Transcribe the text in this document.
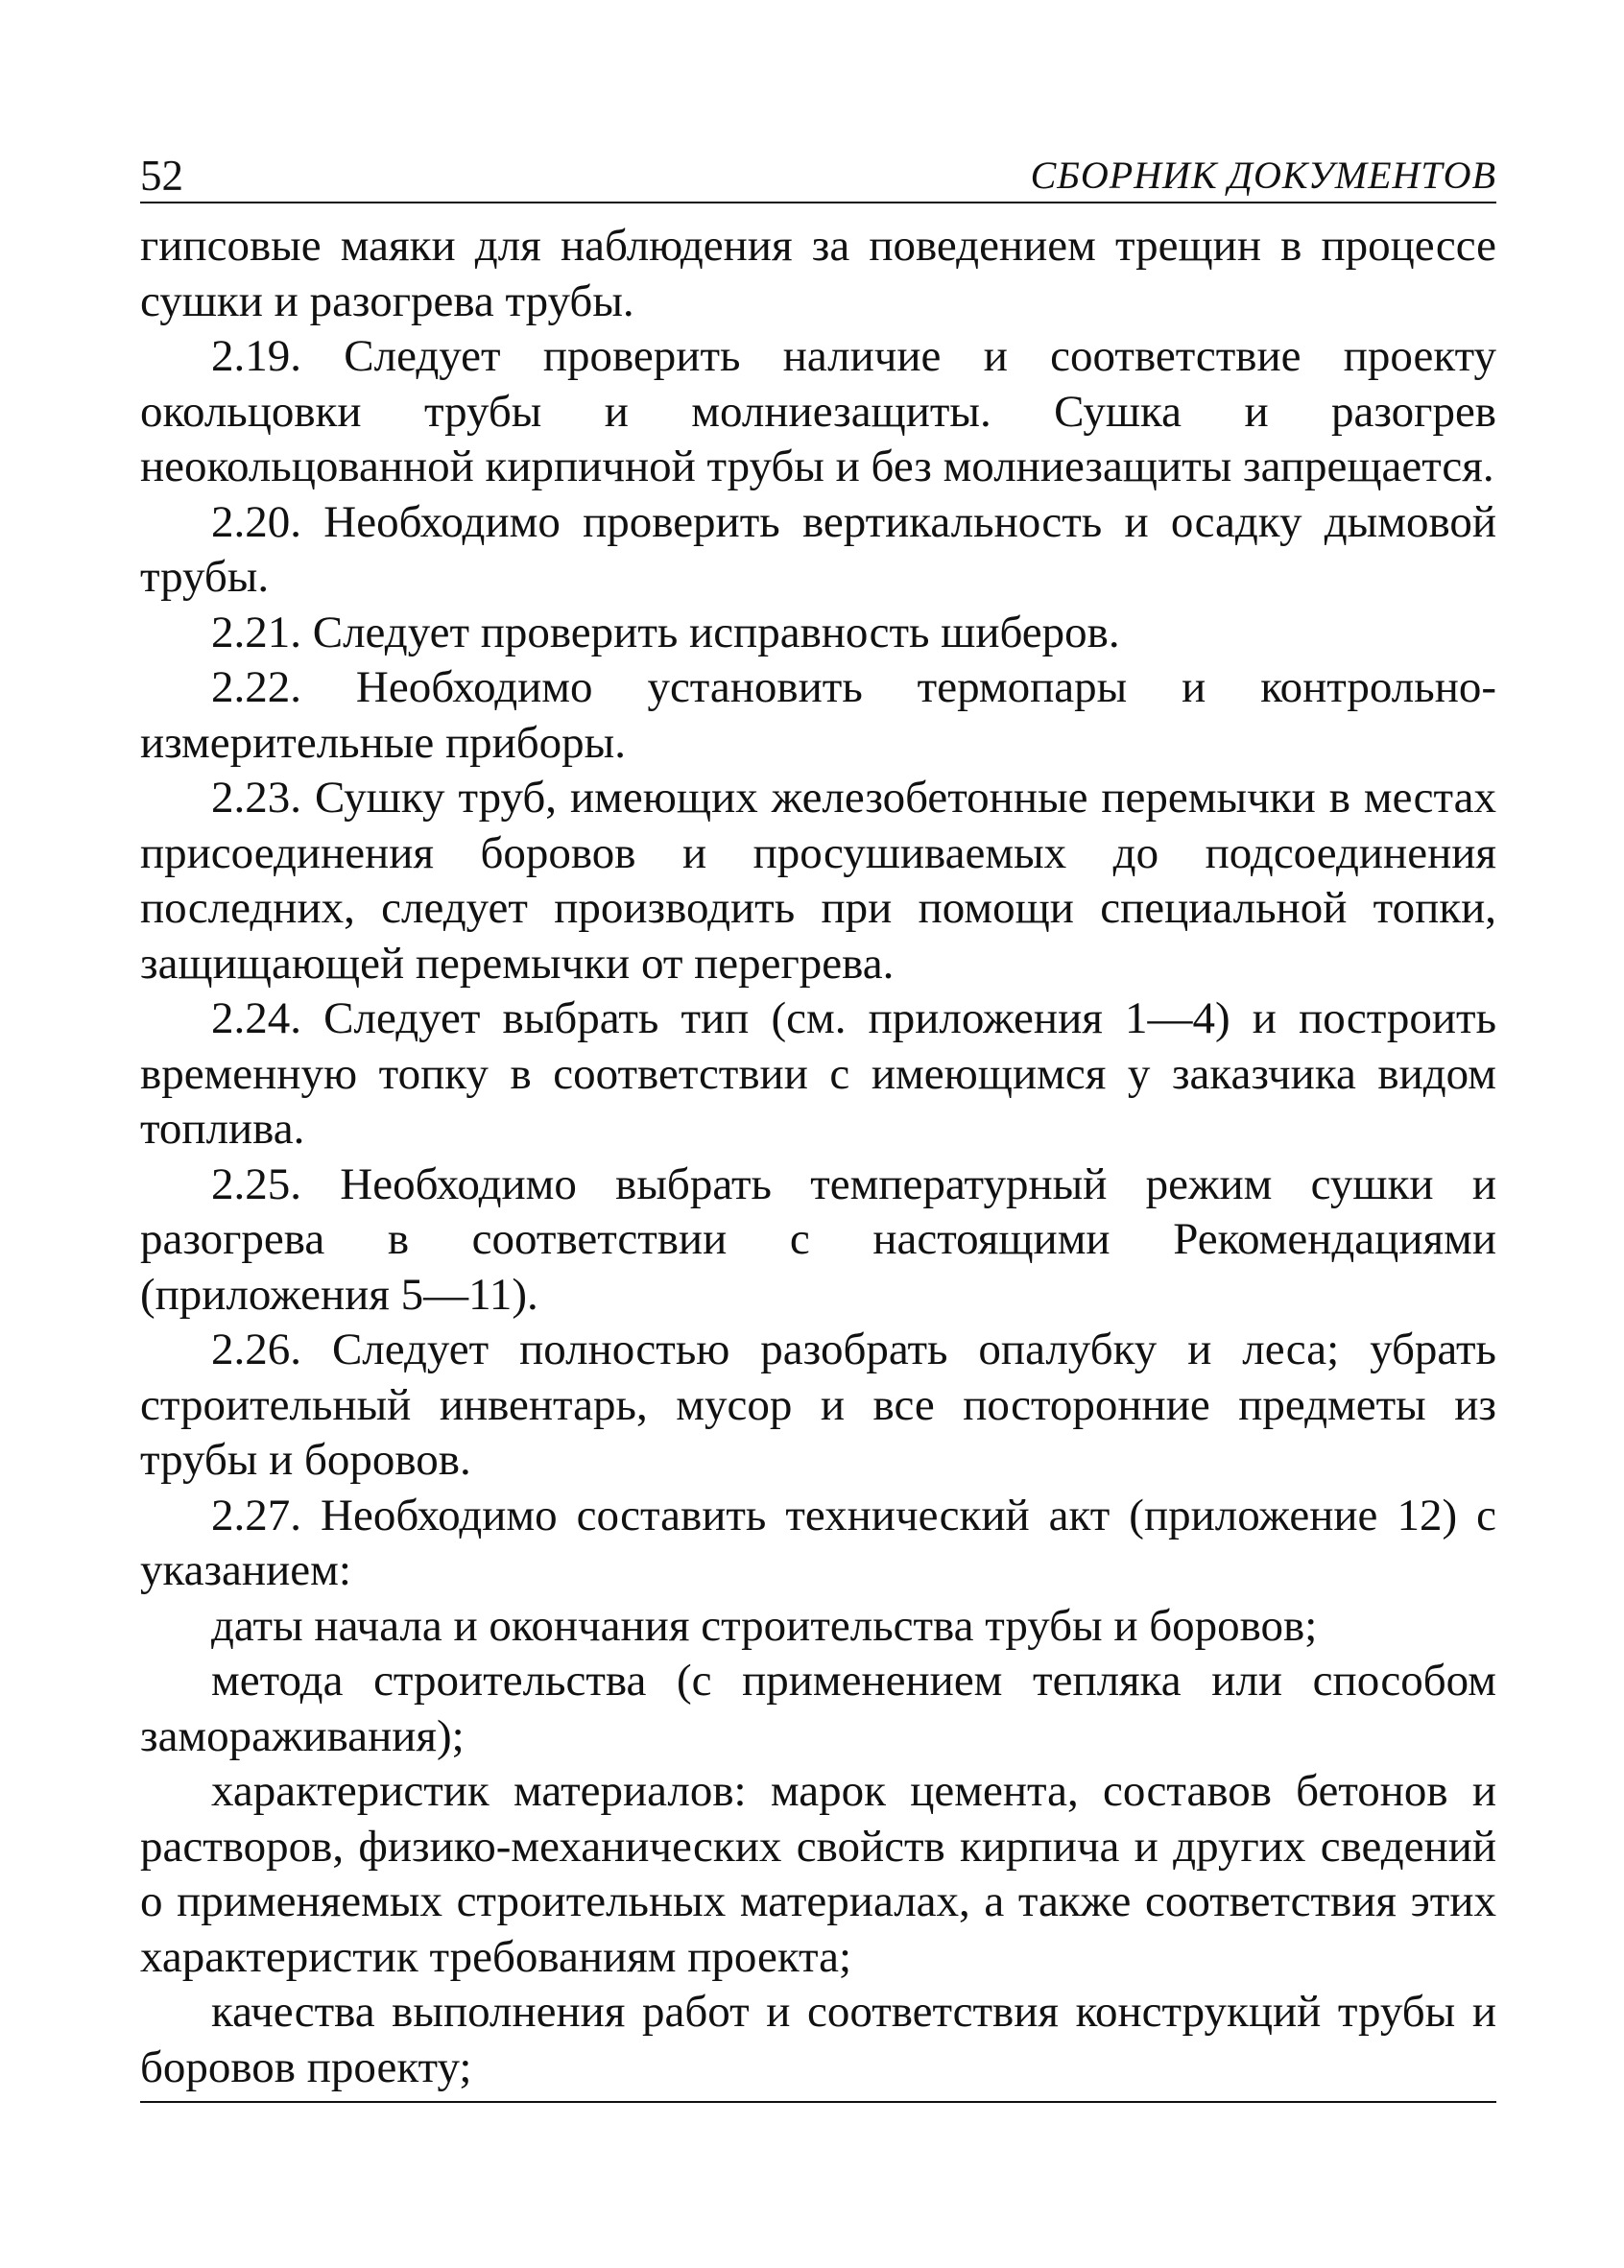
52	СБОРНИК ДОКУМЕНТОВ

гипсовые маяки для наблюдения за поведением трещин в процессе сушки и разогрева трубы.

2.19. Следует проверить наличие и соответствие проекту окольцовки трубы и молниезащиты. Сушка и разогрев неокольцованной кирпичной трубы и без молниезащиты запрещается.

2.20. Необходимо проверить вертикальность и осадку дымовой трубы.

2.21. Следует проверить исправность шиберов.

2.22. Необходимо установить термопары и контрольно-измерительные приборы.

2.23. Сушку труб, имеющих железобетонные перемычки в местах присоединения боровов и просушиваемых до подсоединения последних, следует производить при помощи специальной топки, защищающей перемычки от перегрева.

2.24. Следует выбрать тип (см. приложения 1—4) и построить временную топку в соответствии с имеющимся у заказчика видом топлива.

2.25. Необходимо выбрать температурный режим сушки и разогрева в соответствии с настоящими Рекомендациями (приложения 5—11).

2.26. Следует полностью разобрать опалубку и леса; убрать строительный инвентарь, мусор и все посторонние предметы из трубы и боровов.

2.27. Необходимо составить технический акт (приложение 12) с указанием:

даты начала и окончания строительства трубы и боровов;

метода строительства (с применением тепляка или способом замораживания);

характеристик материалов: марок цемента, составов бетонов и растворов, физико-механических свойств кирпича и других сведений о применяемых строительных материалах, а также соответствия этих характеристик требованиям проекта;

качества выполнения работ и соответствия конструкций трубы и боровов проекту;
